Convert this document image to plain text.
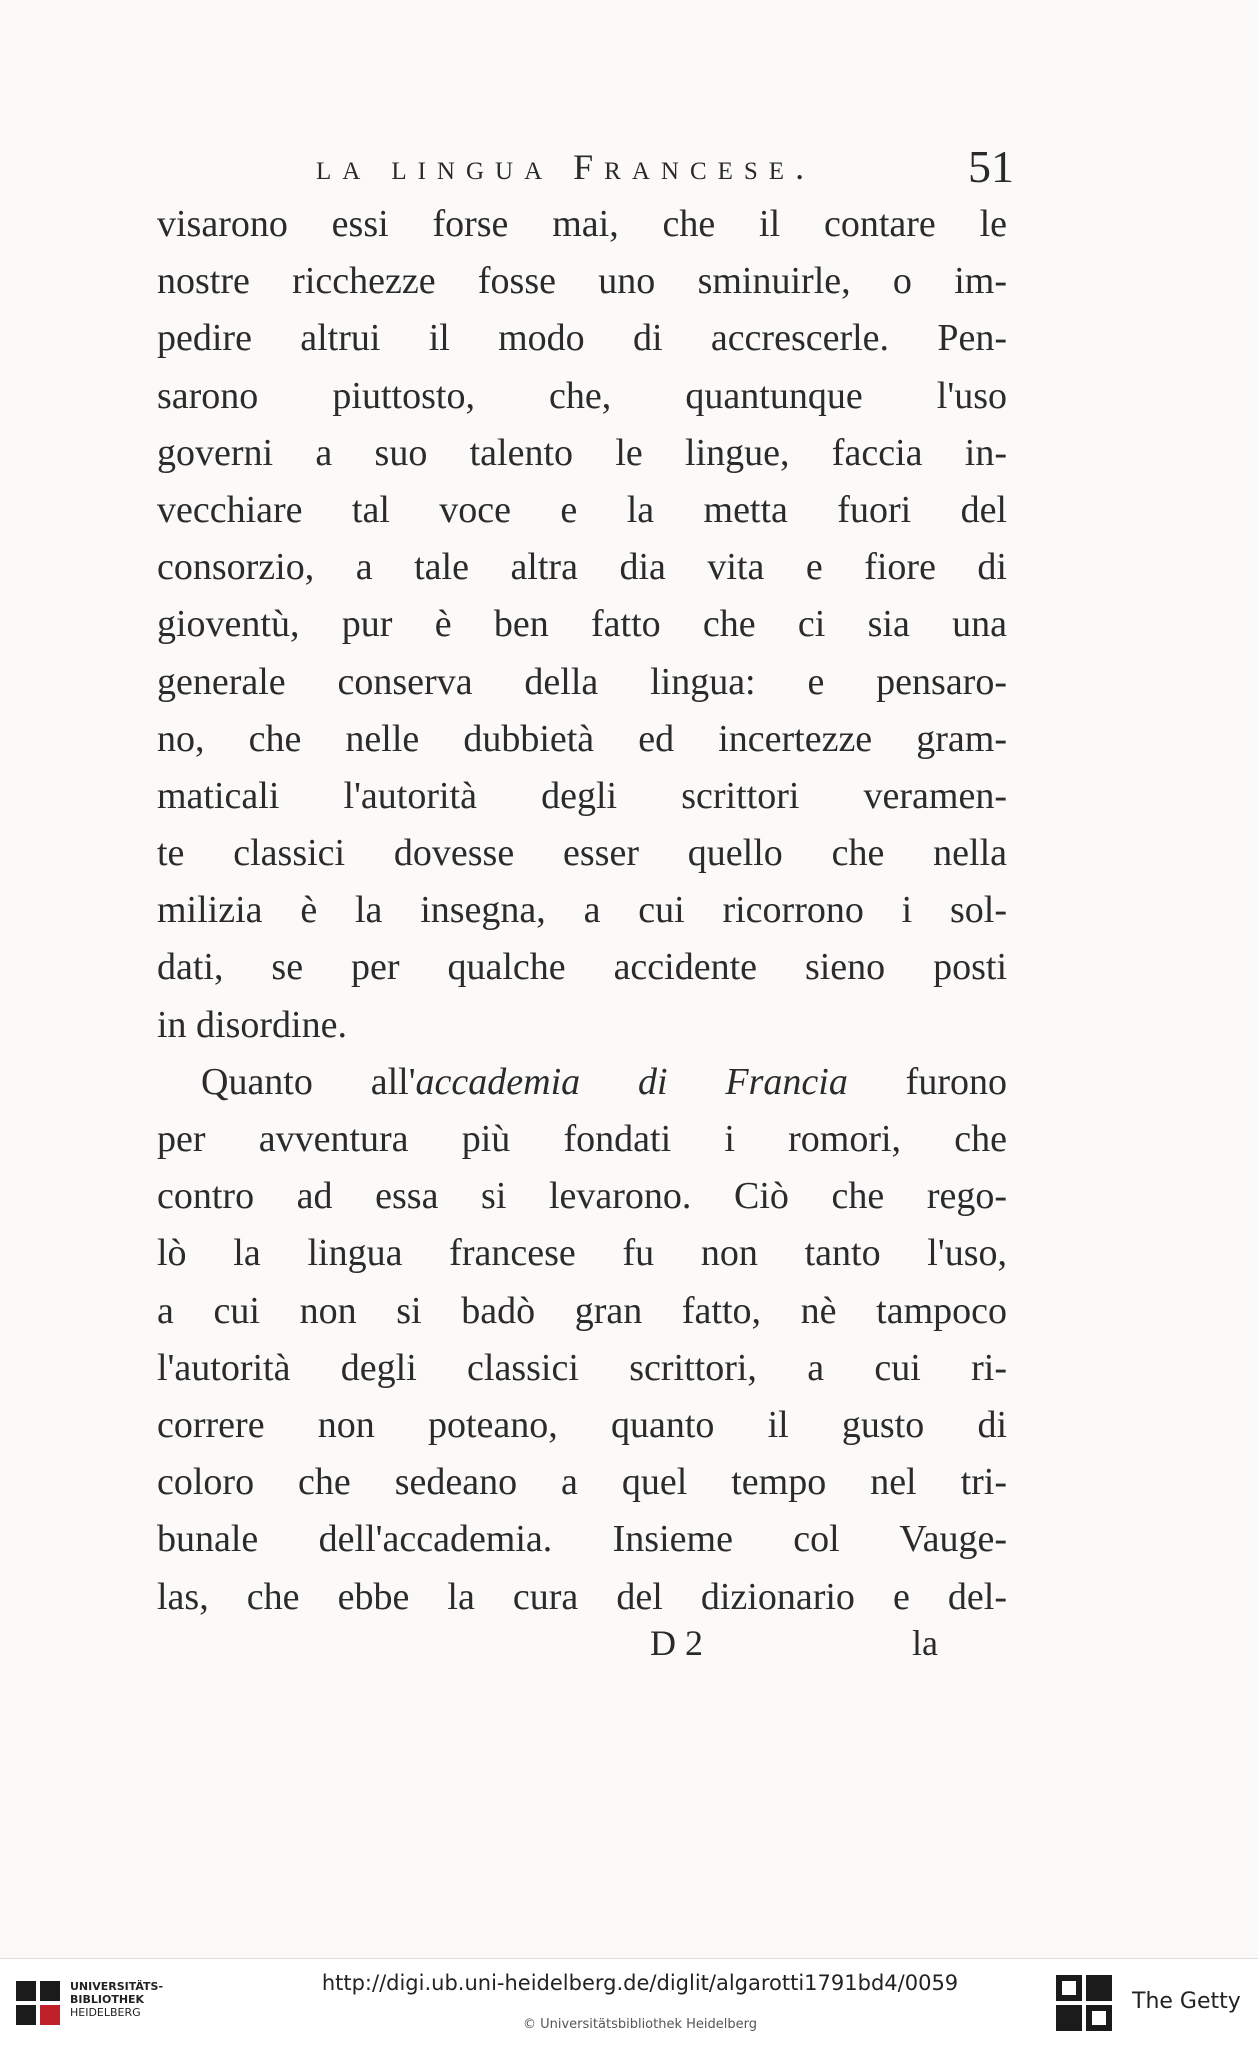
la lingua Francese.	51
visarono essi forse mai, che il contare le
nostre ricchezze fosse uno sminuirle, o im-
pedire altrui il modo di accrescerle. Pen-
sarono piuttosto, che, quantunque l'uso
governi a suo talento le lingue, faccia in-
vecchiare tal voce e la metta fuori del
consorzio, a tale altra dia vita e fiore di
gioventù, pur è ben fatto che ci sia una
generale conserva della lingua: e pensaro-
no, che nelle dubbietà ed incertezze gram-
maticali l'autorità degli scrittori veramen-
te classici dovesse esser quello che nella
milizia è la insegna, a cui ricorrono i sol-
dati, se per qualche accidente sieno posti
in disordine.
Quanto all'accademia di Francia furono
per avventura più fondati i romori, che
contro ad essa si levarono. Ciò che rego-
lò la lingua francese fu non tanto l'uso,
a cui non si badò gran fatto, nè tampoco
l'autorità degli classici scrittori, a cui ri-
correre non poteano, quanto il gusto di
coloro che sedeano a quel tempo nel tri-
bunale dell'accademia. Insieme col Vauge-
las, che ebbe la cura del dizionario e del-
D 2	la
UNIVERSITÄTS-
BIBLIOTHEK
HEIDELBERG
http://digi.ub.uni-heidelberg.de/diglit/algarotti1791bd4/0059
© Universitätsbibliothek Heidelberg
The Getty
